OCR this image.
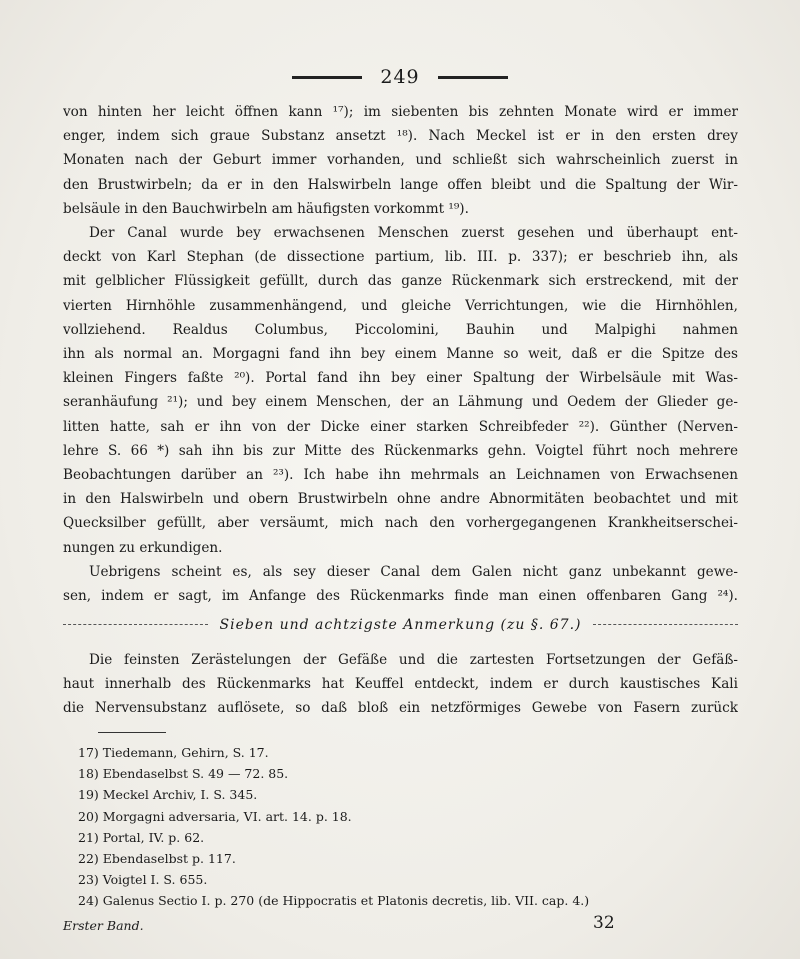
249
von hinten her leicht öffnen kann ¹⁷); im siebenten bis zehnten Monate wird er immer
enger, indem sich graue Substanz ansetzt ¹⁸). Nach Meckel ist er in den ersten drey
Monaten nach der Geburt immer vorhanden, und schließt sich wahrscheinlich zuerst in
den Brustwirbeln; da er in den Halswirbeln lange offen bleibt und die Spaltung der Wir-
belsäule in den Bauchwirbeln am häufigsten vorkommt ¹⁹).
Der Canal wurde bey erwachsenen Menschen zuerst gesehen und überhaupt ent-
deckt von Karl Stephan (de dissectione partium, lib. III. p. 337); er beschrieb ihn, als
mit gelblicher Flüssigkeit gefüllt, durch das ganze Rückenmark sich erstreckend, mit der
vierten Hirnhöhle zusammenhängend, und gleiche Verrichtungen, wie die Hirnhöhlen,
vollziehend. Realdus Columbus, Piccolomini, Bauhin und Malpighi nahmen
ihn als normal an. Morgagni fand ihn bey einem Manne so weit, daß er die Spitze des
kleinen Fingers faßte ²⁰). Portal fand ihn bey einer Spaltung der Wirbelsäule mit Was-
seranhäufung ²¹); und bey einem Menschen, der an Lähmung und Oedem der Glieder ge-
litten hatte, sah er ihn von der Dicke einer starken Schreibfeder ²²). Günther (Nerven-
lehre S. 66 *) sah ihn bis zur Mitte des Rückenmarks gehn. Voigtel führt noch mehrere
Beobachtungen darüber an ²³). Ich habe ihn mehrmals an Leichnamen von Erwachsenen
in den Halswirbeln und obern Brustwirbeln ohne andre Abnormitäten beobachtet und mit
Quecksilber gefüllt, aber versäumt, mich nach den vorhergegangenen Krankheitserschei-
nungen zu erkundigen.
Uebrigens scheint es, als sey dieser Canal dem Galen nicht ganz unbekannt gewe-
sen, indem er sagt, im Anfange des Rückenmarks finde man einen offenbaren Gang ²⁴).
Sieben und achtzigste Anmerkung (zu §. 67.)
Die feinsten Zerästelungen der Gefäße und die zartesten Fortsetzungen der Gefäß-
haut innerhalb des Rückenmarks hat Keuffel entdeckt, indem er durch kaustisches Kali
die Nervensubstanz auflösete, so daß bloß ein netzförmiges Gewebe von Fasern zurück
17) Tiedemann, Gehirn, S. 17.
18) Ebendaselbst S. 49 — 72. 85.
19) Meckel Archiv, I. S. 345.
20) Morgagni adversaria, VI. art. 14. p. 18.
21) Portal, IV. p. 62.
22) Ebendaselbst p. 117.
23) Voigtel I. S. 655.
24) Galenus Sectio I. p. 270 (de Hippocratis et Platonis decretis, lib. VII. cap. 4.)
Erster Band.	32
